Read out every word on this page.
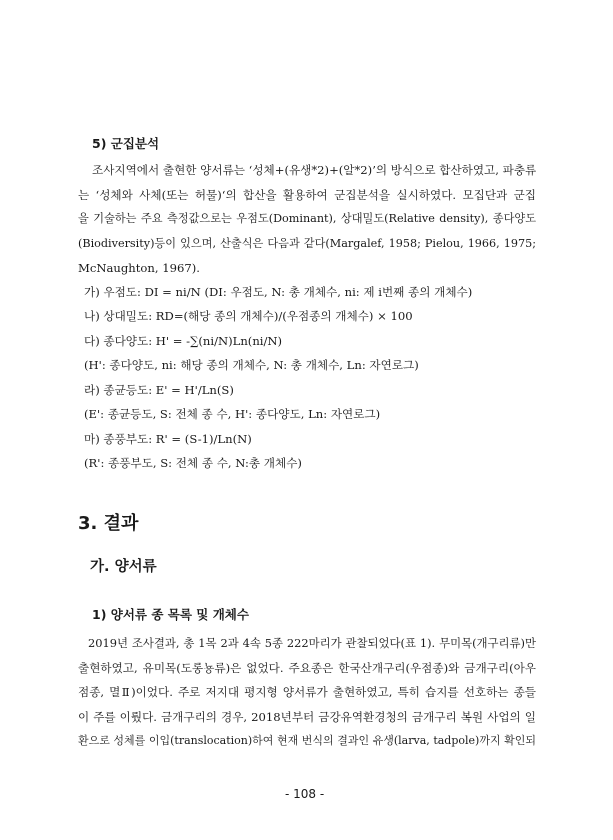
5) 군집분석
조사지역에서 출현한 양서류는 ‘성체+(유생*2)+(알*2)’의 방식으로 합산하였고, 파충류
는 ‘성체와 사체(또는 허물)‘의 합산을 활용하여 군집분석을 실시하였다. 모집단과 군집
을 기술하는 주요 측정값으로는 우점도(Dominant), 상대밀도(Relative density), 종다양도
(Biodiversity)등이 있으며, 산출식은 다음과 같다(Margalef, 1958; Pielou, 1966, 1975;
McNaughton, 1967).
가) 우점도: DI = ni/N (DI: 우점도, N: 총 개체수, ni: 제 i번째 종의 개체수)
나) 상대밀도: RD=(해당 종의 개체수)/(우점종의 개체수) × 100
다) 종다양도: H' = -∑(ni/N)Ln(ni/N)
(H': 종다양도, ni: 해당 종의 개체수, N: 총 개체수, Ln: 자연로그)
라) 종균등도: E' = H'/Ln(S)
(E': 종균등도, S: 전체 종 수, H': 종다양도, Ln: 자연로그)
마) 종풍부도: R' = (S-1)/Ln(N)
(R': 종풍부도, S: 전체 종 수, N:총 개체수)
3. 결과
가. 양서류
1) 양서류 종 목록 및 개체수
2019년 조사결과, 총 1목 2과 4속 5종 222마리가 관찰되었다(표 1). 무미목(개구리류)만
출현하였고, 유미목(도롱뇽류)은 없었다. 주요종은 한국산개구리(우점종)와 금개구리(아우
점종, 멸Ⅱ)이었다. 주로 저지대 평지형 양서류가 출현하였고, 특히 습지를 선호하는 종들
이 주를 이뤘다. 금개구리의 경우, 2018년부터 금강유역환경청의 금개구리 복원 사업의 일
환으로 성체를 이입(translocation)하여 현재 번식의 결과인 유생(larva, tadpole)까지 확인되
- 108 -
